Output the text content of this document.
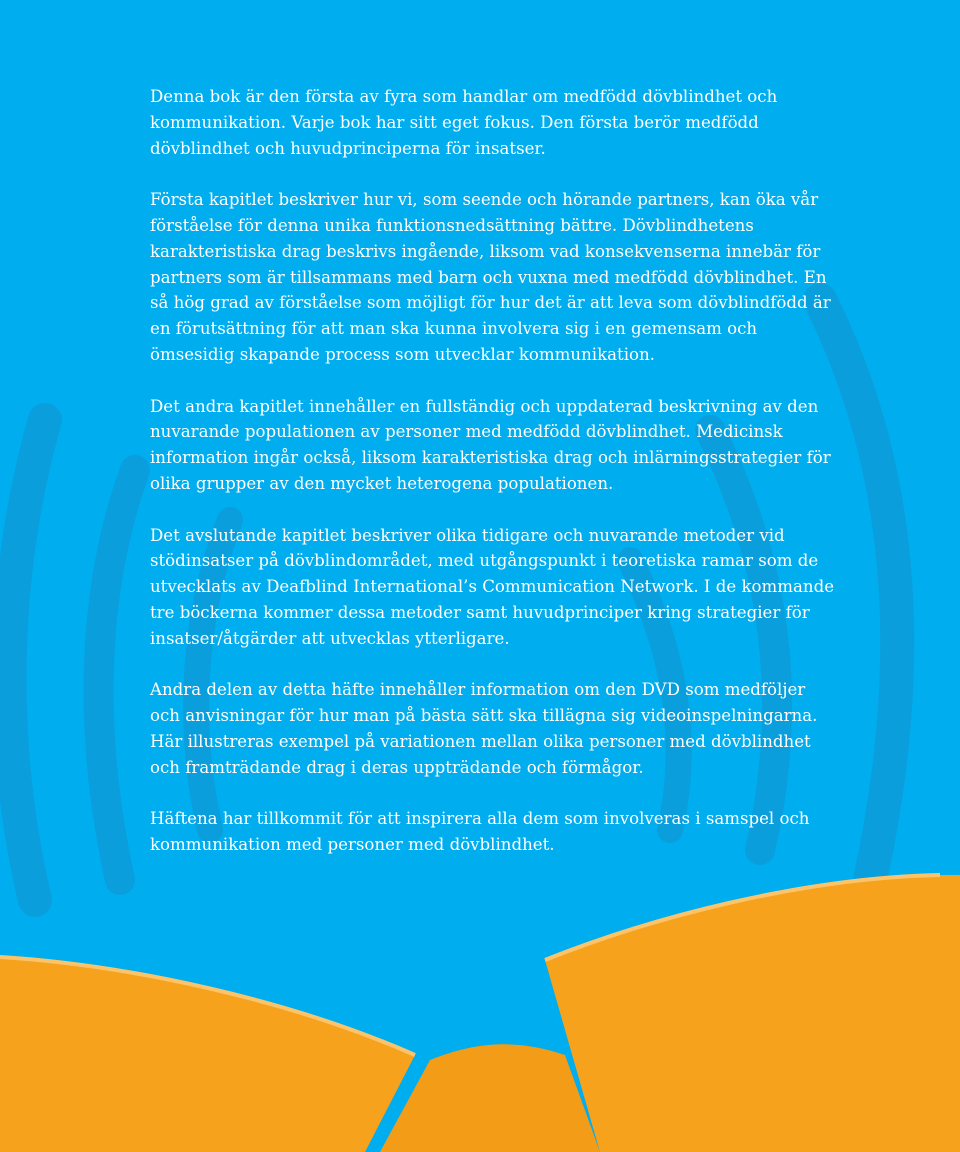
Denna bok är den första av fyra som handlar om medfödd dövblindhet och kommunikation. Varje bok har sitt eget fokus. Den första berör medfödd dövblindhet och huvudprinciperna för insatser.

Första kapitlet beskriver hur vi, som seende och hörande partners, kan öka vår förståelse för denna unika funktionsnedsättning bättre. Dövblindhetens karakteristiska drag beskrivs ingående, liksom vad konsekvenserna innebär för partners som är tillsammans med barn och vuxna med medfödd dövblindhet. En så hög grad av förståelse som möjligt för hur det är att leva som dövblindfödd är en förutsättning för att man ska kunna involvera sig i en gemensam och ömsesidig skapande process som utvecklar kommunikation.

Det andra kapitlet innehåller en fullständig och uppdaterad beskrivning av den nuvarande populationen av personer med medfödd dövblindhet. Medicinsk information ingår också, liksom karakteristiska drag och inlärningsstrategier för olika grupper av den mycket heterogena populationen.

Det avslutande kapitlet beskriver olika tidigare och nuvarande metoder vid stödinsatser på dövblindområdet, med utgångspunkt i teoretiska ramar som de utvecklats av Deafblind International’s Communication Network. I de kommande tre böckerna kommer dessa metoder samt huvudprinciper kring strategier för insatser/åtgärder att utvecklas ytterligare.

Andra delen av detta häfte innehåller information om den DVD som medföljer och anvisningar för hur man på bästa sätt ska tillägna sig videoinspelningarna. Här illustreras exempel på variationen mellan olika personer med dövblindhet och framträdande drag i deras uppträdande och förmågor.

Häftena har tillkommit för att inspirera alla dem som involveras i samspel och kommunikation med personer med dövblindhet.
